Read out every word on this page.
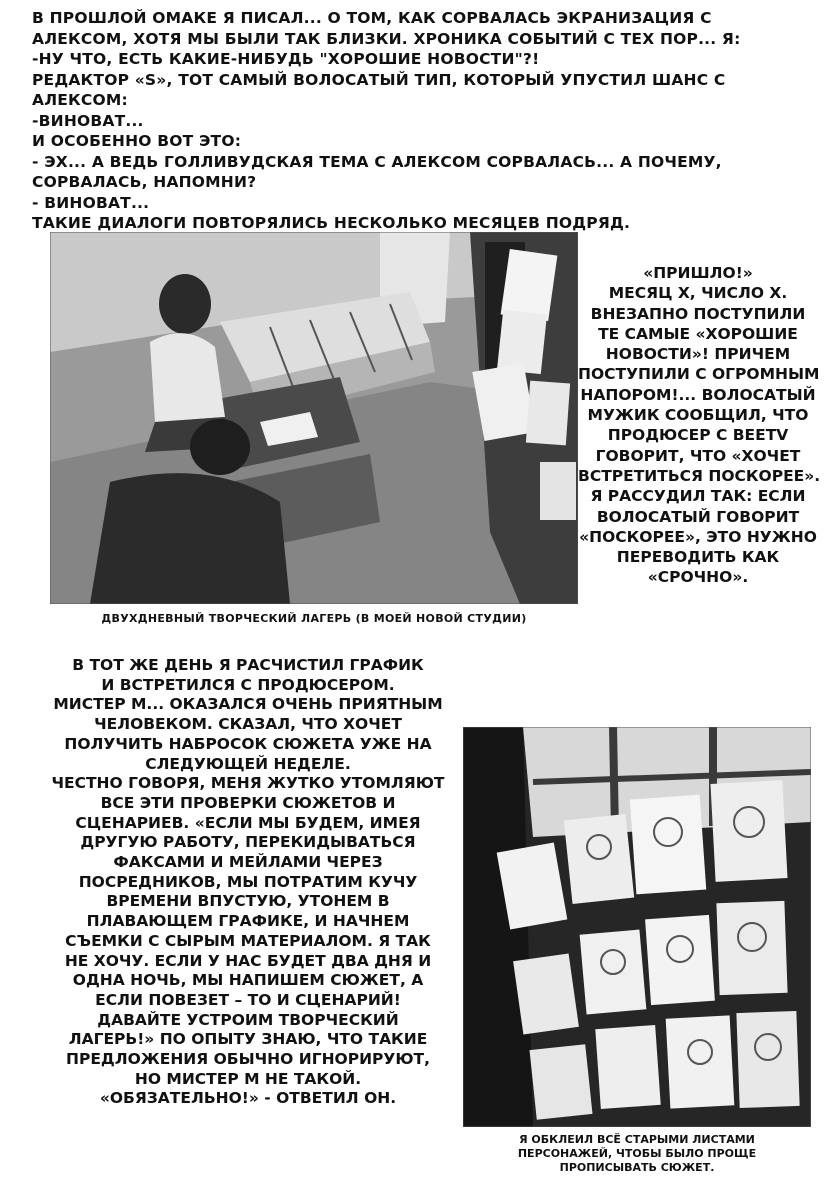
В ПРОШЛОЙ ОМАКЕ Я ПИСАЛ... О ТОМ, КАК СОРВАЛАСЬ ЭКРАНИЗАЦИЯ С
АЛЕКСОМ, ХОТЯ МЫ БЫЛИ ТАК БЛИЗКИ. ХРОНИКА СОБЫТИЙ С ТЕХ ПОР... Я:
-НУ ЧТО, ЕСТЬ КАКИЕ-НИБУДЬ "ХОРОШИЕ НОВОСТИ"?!
РЕДАКТОР «S», ТОТ САМЫЙ ВОЛОСАТЫЙ ТИП, КОТОРЫЙ УПУСТИЛ ШАНС С
АЛЕКСОМ:
-ВИНОВАТ...
И ОСОБЕННО ВОТ ЭТО:
- ЭХ... А ВЕДЬ ГОЛЛИВУДСКАЯ ТЕМА С АЛЕКСОМ СОРВАЛАСЬ... А ПОЧЕМУ,
СОРВАЛАСЬ, НАПОМНИ?
- ВИНОВАТ...
ТАКИЕ ДИАЛОГИ ПОВТОРЯЛИСЬ НЕСКОЛЬКО МЕСЯЦЕВ ПОДРЯД.
ДВУХДНЕВНЫЙ ТВОРЧЕСКИЙ ЛАГЕРЬ (В МОЕЙ НОВОЙ СТУДИИ)
«ПРИШЛО!»
МЕСЯЦ Х, ЧИСЛО Х.
ВНЕЗАПНО ПОСТУПИЛИ
ТЕ САМЫЕ «ХОРОШИЕ
НОВОСТИ»! ПРИЧЕМ
ПОСТУПИЛИ С ОГРОМНЫМ
НАПОРОМ!... ВОЛОСАТЫЙ
МУЖИК СООБЩИЛ, ЧТО
ПРОДЮСЕР С BEETV
ГОВОРИТ, ЧТО «ХОЧЕТ
ВСТРЕТИТЬСЯ ПОСКОРЕЕ».
Я РАССУДИЛ ТАК: ЕСЛИ
ВОЛОСАТЫЙ ГОВОРИТ
«ПОСКОРЕЕ», ЭТО НУЖНО
ПЕРЕВОДИТЬ КАК
«СРОЧНО».
В ТОТ ЖЕ ДЕНЬ Я РАСЧИСТИЛ ГРАФИК
И ВСТРЕТИЛСЯ С ПРОДЮСЕРОМ.
МИСТЕР М... ОКАЗАЛСЯ ОЧЕНЬ ПРИЯТНЫМ
ЧЕЛОВЕКОМ. СКАЗАЛ, ЧТО ХОЧЕТ
ПОЛУЧИТЬ НАБРОСОК СЮЖЕТА УЖЕ НА
СЛЕДУЮЩЕЙ НЕДЕЛЕ.
ЧЕСТНО ГОВОРЯ, МЕНЯ ЖУТКО УТОМЛЯЮТ
ВСЕ ЭТИ ПРОВЕРКИ СЮЖЕТОВ И
СЦЕНАРИЕВ. «ЕСЛИ МЫ БУДЕМ, ИМЕЯ
ДРУГУЮ РАБОТУ, ПЕРЕКИДЫВАТЬСЯ
ФАКСАМИ И МЕЙЛАМИ ЧЕРЕЗ
ПОСРЕДНИКОВ, МЫ ПОТРАТИМ КУЧУ
ВРЕМЕНИ ВПУСТУЮ, УТОНЕМ В
ПЛАВАЮЩЕМ ГРАФИКЕ, И НАЧНЕМ
СЪЕМКИ С СЫРЫМ МАТЕРИАЛОМ. Я ТАК
НЕ ХОЧУ. ЕСЛИ У НАС БУДЕТ ДВА ДНЯ И
ОДНА НОЧЬ, МЫ НАПИШЕМ СЮЖЕТ, А
ЕСЛИ ПОВЕЗЕТ – ТО И СЦЕНАРИЙ!
ДАВАЙТЕ УСТРОИМ ТВОРЧЕСКИЙ
ЛАГЕРЬ!» ПО ОПЫТУ ЗНАЮ, ЧТО ТАКИЕ
ПРЕДЛОЖЕНИЯ ОБЫЧНО ИГНОРИРУЮТ,
НО МИСТЕР М НЕ ТАКОЙ.
«ОБЯЗАТЕЛЬНО!» - ОТВЕТИЛ ОН.
Я ОБКЛЕИЛ ВСЁ СТАРЫМИ ЛИСТАМИ
ПЕРСОНАЖЕЙ, ЧТОБЫ БЫЛО ПРОЩЕ
ПРОПИСЫВАТЬ СЮЖЕТ.
